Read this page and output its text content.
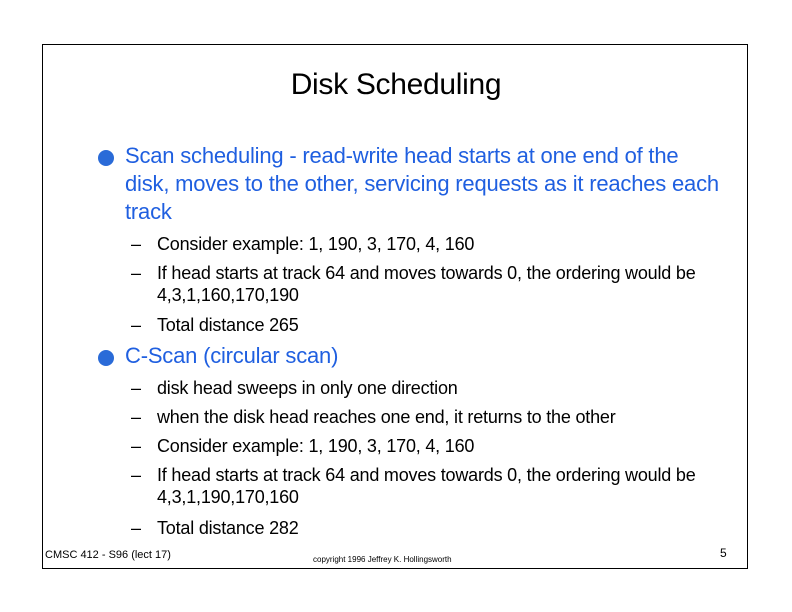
Disk Scheduling
Scan scheduling - read-write head starts at one end of the disk, moves to the other, servicing requests as it reaches each track
– Consider example: 1, 190, 3, 170, 4, 160
– If head starts at track 64 and moves towards 0, the ordering would be 4,3,1,160,170,190
– Total distance 265
C-Scan (circular scan)
– disk head sweeps in only one direction
– when the disk head reaches one end, it returns to the other
– Consider example: 1, 190, 3, 170, 4, 160
– If head starts at track 64 and moves towards 0, the ordering would be 4,3,1,190,170,160
– Total distance 282
CMSC 412 - S96 (lect 17)	copyright 1996 Jeffrey K. Hollingsworth	5
